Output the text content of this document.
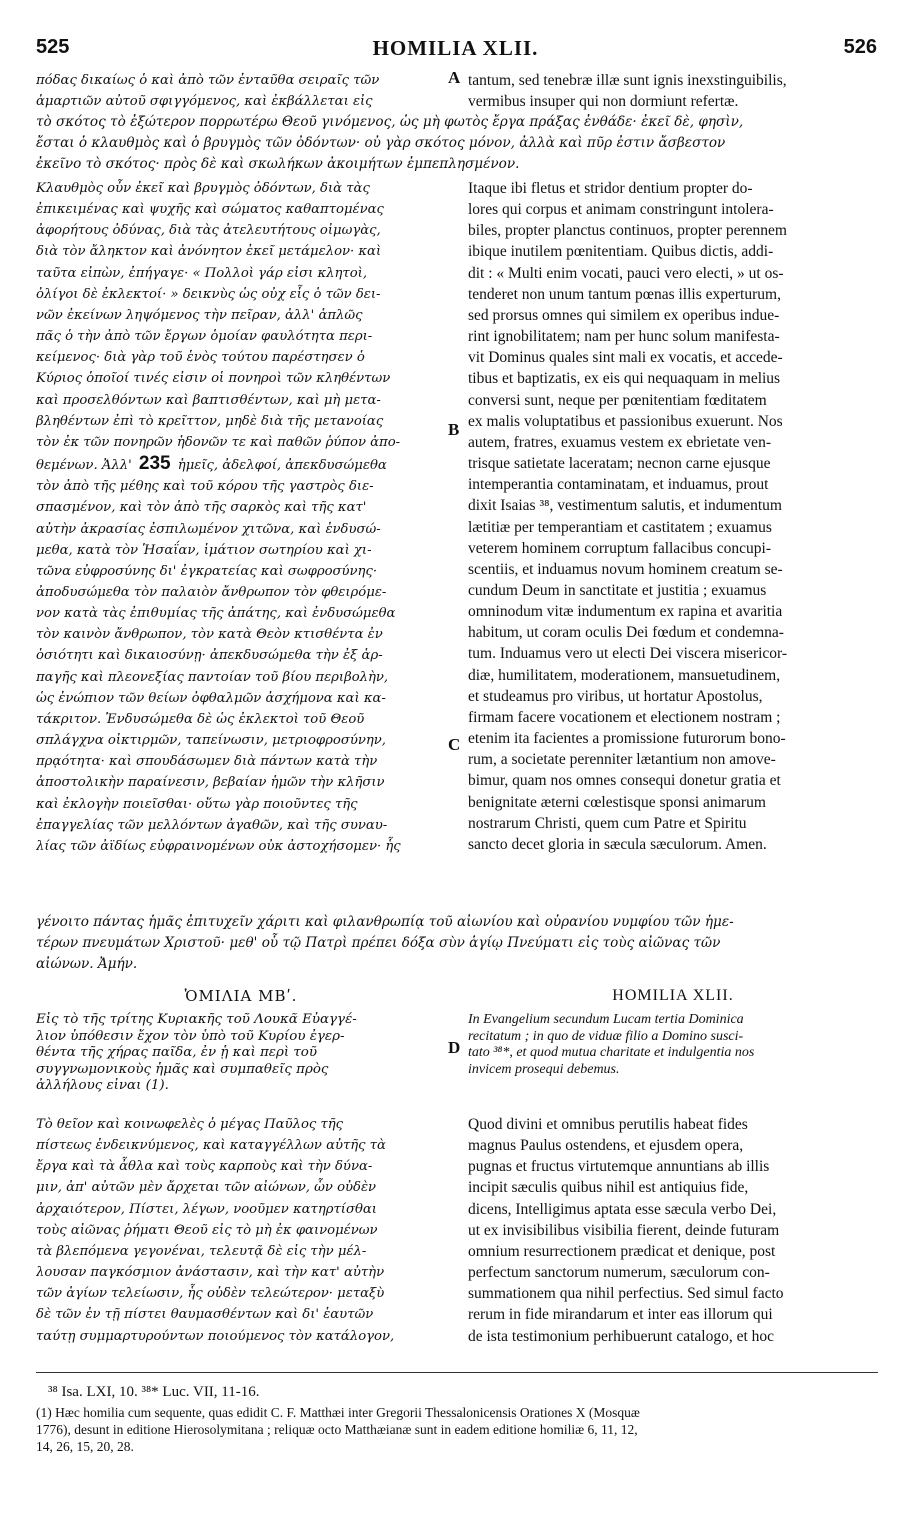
525	HOMILIA XLII.	526
πόδας δικαίως ὁ καὶ ἀπὸ τῶν ἐνταῦθα σειραῖς τῶν
ἁμαρτιῶν αὐτοῦ σφιγγόμενος, καὶ ἐκβάλλεται εἰς
tantum, sed tenebræ illæ sunt ignis inexstinguibilis,
vermibus insuper qui non dormiunt refertæ.
τὸ σκότος τὸ ἐξώτερον πορρωτέρω Θεοῦ γινόμενος, ὡς μὴ φωτὸς ἔργα πράξας ἐνθάδε· ἐκεῖ δὲ, φησὶν,
ἔσται ὁ κλαυθμὸς καὶ ὁ βρυγμὸς τῶν ὀδόντων· οὐ γὰρ σκότος μόνον, ἀλλὰ καὶ πῦρ ἐστιν ἄσβεστον
ἐκεῖνο τὸ σκότος· πρὸς δὲ καὶ σκωλήκων ἀκοιμήτων ἐμπεπλησμένον.
Κλαυθμὸς οὖν ἐκεῖ καὶ βρυγμὸς ὀδόντων, διὰ τὰς
ἐπικειμένας καὶ ψυχῆς καὶ σώματος καθαπτομένας
ἀφορήτους ὀδύνας, διὰ τὰς ἀτελευτήτους οἰμωγὰς,
διὰ τὸν ἄληκτον καὶ ἀνόνητον ἐκεῖ μετάμελον· καὶ
ταῦτα εἰπὼν, ἐπήγαγε· « Πολλοὶ γάρ εἰσι κλητοὶ,
ὀλίγοι δὲ ἐκλεκτοί· » δεικνὺς ὡς οὐχ εἷς ὁ τῶν δει-
νῶν ἐκείνων ληψόμενος τὴν πεῖραν, ἀλλ' ἁπλῶς
πᾶς ὁ τὴν ἀπὸ τῶν ἔργων ὁμοίαν φαυλότητα περι-
κείμενος· διὰ γὰρ τοῦ ἑνὸς τούτου παρέστησεν ὁ
Κύριος ὁποῖοί τινές εἰσιν οἱ πονηροὶ τῶν κληθέντων
καὶ προσελθόντων καὶ βαπτισθέντων, καὶ μὴ μετα-
βληθέντων ἐπὶ τὸ κρεῖττον, μηδὲ διὰ τῆς μετανοίας
τὸν ἐκ τῶν πονηρῶν ἡδονῶν τε καὶ παθῶν ῥύπον ἀπο-
θεμένων. Ἀλλ' 235 ἡμεῖς, ἀδελφοί, ἀπεκδυσώμεθα
τὸν ἀπὸ τῆς μέθης καὶ τοῦ κόρου τῆς γαστρὸς διε-
σπασμένον, καὶ τὸν ἀπὸ τῆς σαρκὸς καὶ τῆς κατ'
αὐτὴν ἀκρασίας ἐσπιλωμένον χιτῶνα, καὶ ἐνδυσώ-
μεθα, κατὰ τὸν Ἡσαΐαν, ἱμάτιον σωτηρίου καὶ χι-
τῶνα εὐφροσύνης δι' ἐγκρατείας καὶ σωφροσύνης·
ἀποδυσώμεθα τὸν παλαιὸν ἄνθρωπον τὸν φθειρόμε-
νον κατὰ τὰς ἐπιθυμίας τῆς ἀπάτης, καὶ ἐνδυσώμεθα
τὸν καινὸν ἄνθρωπον, τὸν κατὰ Θεὸν κτισθέντα ἐν
ὁσιότητι καὶ δικαιοσύνῃ· ἀπεκδυσώμεθα τὴν ἐξ ἁρ-
παγῆς καὶ πλεονεξίας παντοίαν τοῦ βίου περιβολὴν,
ὡς ἐνώπιον τῶν θείων ὀφθαλμῶν ἀσχήμονα καὶ κα-
τάκριτον. Ἐνδυσώμεθα δὲ ὡς ἐκλεκτοὶ τοῦ Θεοῦ
σπλάγχνα οἰκτιρμῶν, ταπείνωσιν, μετριοφροσύνην,
πρᾳότητα· καὶ σπουδάσωμεν διὰ πάντων κατὰ τὴν
ἀποστολικὴν παραίνεσιν, βεβαίαν ἡμῶν τὴν κλῆσιν
καὶ ἐκλογὴν ποιεῖσθαι· οὕτω γὰρ ποιοῦντες τῆς
ἐπαγγελίας τῶν μελλόντων ἀγαθῶν, καὶ τῆς συναυ-
λίας τῶν ἀϊδίως εὐφραινομένων οὐκ ἀστοχήσομεν· ἧς
Itaque ibi fletus et stridor dentium propter do-
lores qui corpus et animam constringunt intolera-
biles, propter planctus continuos, propter perennem
ibique inutilem pœnitentiam. Quibus dictis, addi-
dit : « Multi enim vocati, pauci vero electi, » ut os-
tenderet non unum tantum pœnas illis experturum,
sed prorsus omnes qui similem ex operibus indue-
rint ignobilitatem; nam per hunc solum manifesta-
vit Dominus quales sint mali ex vocatis, et accede-
tibus et baptizatis, ex eis qui nequaquam in melius
conversi sunt, neque per pœnitentiam fœditatem
ex malis voluptatibus et passionibus exuerunt. Nos
autem, fratres, exuamus vestem ex ebrietate ven-
trisque satietate laceratam; necnon carne ejusque
intemperantia contaminatam, et induamus, prout
dixit Isaias ³⁸, vestimentum salutis, et indumentum
lætitiæ per temperantiam et castitatem ; exuamus
veterem hominem corruptum fallacibus concupi-
scentiis, et induamus novum hominem creatum se-
cundum Deum in sanctitate et justitia ; exuamus
omninodum vitæ indumentum ex rapina et avaritia
habitum, ut coram oculis Dei fœdum et condemna-
tum. Induamus vero ut electi Dei viscera misericor-
diæ, humilitatem, moderationem, mansuetudinem,
et studeamus pro viribus, ut hortatur Apostolus,
firmam facere vocationem et electionem nostram ;
etenim ita facientes a promissione futurorum bono-
rum, a societate perenniter lætantium non amove-
bimur, quam nos omnes consequi donetur gratia et
benignitate æterni cœlestisque sponsi animarum
nostrarum Christi, quem cum Patre et Spiritu
sancto decet gloria in sæcula sæculorum. Amen.
γένοιτο πάντας ἡμᾶς ἐπιτυχεῖν χάριτι καὶ φιλανθρωπίᾳ τοῦ αἰωνίου καὶ οὐρανίου νυμφίου τῶν ἡμε-
τέρων πνευμάτων Χριστοῦ· μεθ' οὗ τῷ Πατρὶ πρέπει δόξα σὺν ἁγίῳ Πνεύματι εἰς τοὺς αἰῶνας τῶν
αἰώνων. Ἀμήν.
A
B
C
D
ὉΜΙΛΙΑ ΜΒʹ.	HOMILIA XLII.
Εἰς τὸ τῆς τρίτης Κυριακῆς τοῦ Λουκᾶ Εὐαγγέ-
λιον ὑπόθεσιν ἔχον τὸν ὑπὸ τοῦ Κυρίου ἐγερ-
θέντα τῆς χήρας παῖδα, ἐν ᾗ καὶ περὶ τοῦ
συγγνωμονικοὺς ἡμᾶς καὶ συμπαθεῖς πρὸς
ἀλλήλους εἶναι (1).
In Evangelium secundum Lucam tertia Dominica
recitatum ; in quo de viduæ filio a Domino susci-
tato ³⁸*, et quod mutua charitate et indulgentia nos
invicem prosequi debemus.
Τὸ θεῖον καὶ κοινωφελὲς ὁ μέγας Παῦλος τῆς
πίστεως ἐνδεικνύμενος, καὶ καταγγέλλων αὐτῆς τὰ
ἔργα καὶ τὰ ἆθλα καὶ τοὺς καρποὺς καὶ τὴν δύνα-
μιν, ἀπ' αὐτῶν μὲν ἄρχεται τῶν αἰώνων, ὧν οὐδὲν
ἀρχαιότερον, Πίστει, λέγων, νοοῦμεν κατηρτίσθαι
τοὺς αἰῶνας ῥήματι Θεοῦ εἰς τὸ μὴ ἐκ φαινομένων
τὰ βλεπόμενα γεγονέναι, τελευτᾷ δὲ εἰς τὴν μέλ-
λουσαν παγκόσμιον ἀνάστασιν, καὶ τὴν κατ' αὐτὴν
τῶν ἁγίων τελείωσιν, ἧς οὐδὲν τελεώτερον· μεταξὺ
δὲ τῶν ἐν τῇ πίστει θαυμασθέντων καὶ δι' ἑαυτῶν
ταύτῃ συμμαρτυρούντων ποιούμενος τὸν κατάλογον,
Quod divini et omnibus perutilis habeat fides
magnus Paulus ostendens, et ejusdem opera,
pugnas et fructus virtutemque annuntians ab illis
incipit sæculis quibus nihil est antiquius fide,
dicens, Intelligimus aptata esse sæcula verbo Dei,
ut ex invisibilibus visibilia fierent, deinde futuram
omnium resurrectionem prædicat et denique, post
perfectum sanctorum numerum, sæculorum con-
summationem qua nihil perfectius. Sed simul facto
rerum in fide mirandarum et inter eas illorum qui
de ista testimonium perhibuerunt catalogo, et hoc
³⁸ Isa. LXI, 10. ³⁸* Luc. VII, 11-16.
(1) Hæc homilia cum sequente, quas edidit C. F. Matthæi inter Gregorii Thessalonicensis Orationes X (Mosquæ
1776), desunt in editione Hierosolymitana ; reliquæ octo Matthæianæ sunt in eadem editione homiliæ 6, 11, 12,
14, 26, 15, 20, 28.
